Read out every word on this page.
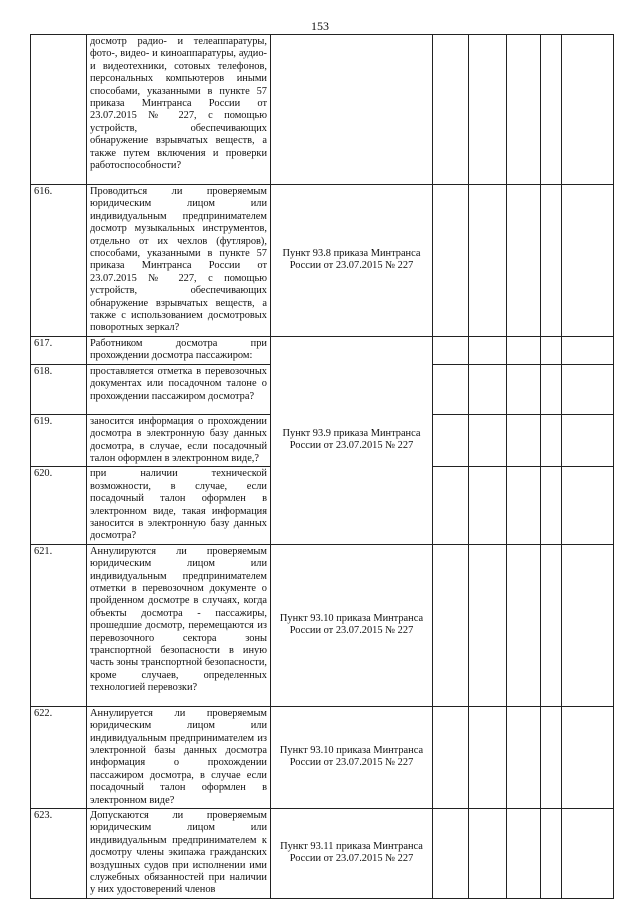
153
	досмотр радио- и телеаппаратуры, фото-, видео- и киноаппаратуры, аудио- и видеотехники, сотовых телефонов, персональных компьютеров иными способами, указанными в пункте 57 приказа Минтранса России от 23.07.2015 № 227, с помощью устройств, обеспечивающих обнаружение взрывчатых веществ, а также путем включения и проверки работоспособности?						
616.	Проводиться ли проверяемым юридическим лицом или индивидуальным предпринимателем досмотр музыкальных инструментов, отдельно от их чехлов (футляров), способами, указанными в пункте 57 приказа Минтранса России от 23.07.2015 № 227, с помощью устройств, обеспечивающих обнаружение взрывчатых веществ, а также с использованием досмотровых поворотных зеркал?	Пункт 93.8 приказа Минтранса России от 23.07.2015 № 227					
617.	Работником досмотра при прохождении досмотра пассажиром:	Пункт 93.9 приказа Минтранса России от 23.07.2015 № 227					
618.	проставляется отметка в перевозочных документах или посадочном талоне о прохождении пассажиром досмотра?						
619.	заносится информация о прохождении досмотра в электронную базу данных досмотра, в случае, если посадочный талон оформлен в электронном виде,?						
620.	при наличии технической возможности, в случае, если посадочный талон оформлен в электронном виде, такая информация заносится в электронную базу данных досмотра?						
621.	Аннулируются ли проверяемым юридическим лицом или индивидуальным предпринимателем отметки в перевозочном документе о пройденном досмотре в случаях, когда объекты досмотра - пассажиры, прошедшие досмотр, перемещаются из перевозочного сектора зоны транспортной безопасности в иную часть зоны транспортной безопасности, кроме случаев, определенных технологией перевозки?	Пункт 93.10 приказа Минтранса России от 23.07.2015 № 227					
622.	Аннулируется ли проверяемым юридическим лицом или индивидуальным предпринимателем из электронной базы данных досмотра информация о прохождении пассажиром досмотра, в случае если посадочный талон оформлен в электронном виде?	Пункт 93.10 приказа Минтранса России от 23.07.2015 № 227					
623.	Допускаются ли проверяемым юридическим лицом или индивидуальным предпринимателем к досмотру члены экипажа гражданских воздушных судов при исполнении ими служебных обязанностей при наличии у них удостоверений членов	Пункт 93.11 приказа Минтранса России от 23.07.2015 № 227					
